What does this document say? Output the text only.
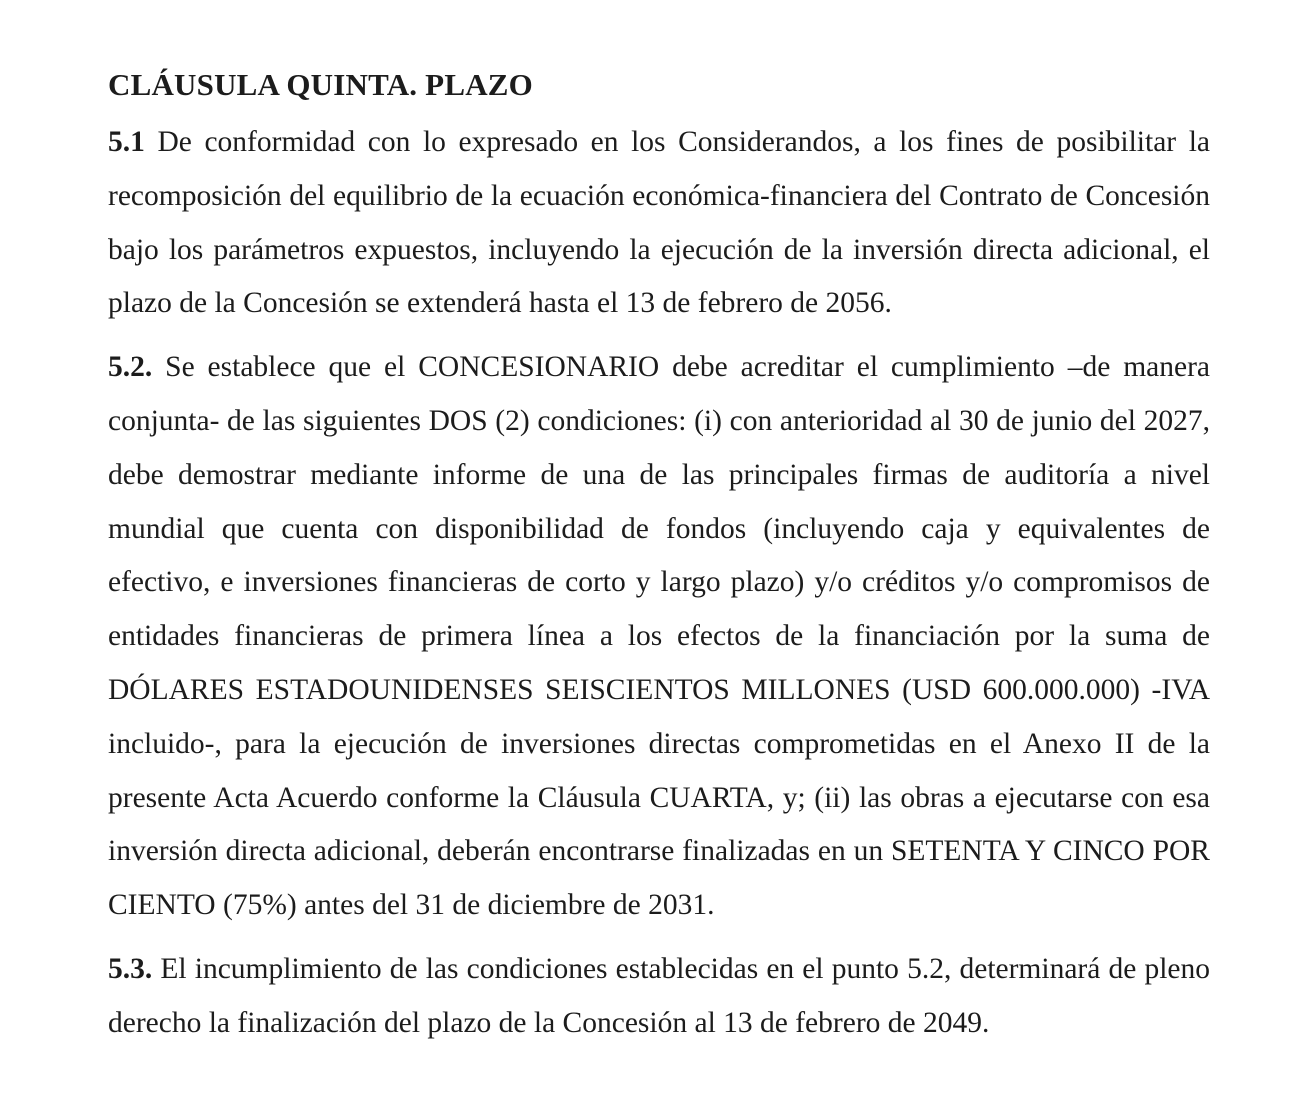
CLÁUSULA QUINTA. PLAZO

5.1 De conformidad con lo expresado en los Considerandos, a los fines de posibilitar la recomposición del equilibrio de la ecuación económica-financiera del Contrato de Concesión bajo los parámetros expuestos, incluyendo la ejecución de la inversión directa adicional, el plazo de la Concesión se extenderá hasta el 13 de febrero de 2056.

5.2. Se establece que el CONCESIONARIO debe acreditar el cumplimiento –de manera conjunta- de las siguientes DOS (2) condiciones: (i) con anterioridad al 30 de junio del 2027, debe demostrar mediante informe de una de las principales firmas de auditoría a nivel mundial que cuenta con disponibilidad de fondos (incluyendo caja y equivalentes de efectivo, e inversiones financieras de corto y largo plazo) y/o créditos y/o compromisos de entidades financieras de primera línea a los efectos de la financiación por la suma de DÓLARES ESTADOUNIDENSES SEISCIENTOS MILLONES (USD 600.000.000) -IVA incluido-, para la ejecución de inversiones directas comprometidas en el Anexo II de la presente Acta Acuerdo conforme la Cláusula CUARTA, y; (ii) las obras a ejecutarse con esa inversión directa adicional, deberán encontrarse finalizadas en un SETENTA Y CINCO POR CIENTO (75%) antes del 31 de diciembre de 2031.

5.3. El incumplimiento de las condiciones establecidas en el punto 5.2, determinará de pleno derecho la finalización del plazo de la Concesión al 13 de febrero de 2049.
